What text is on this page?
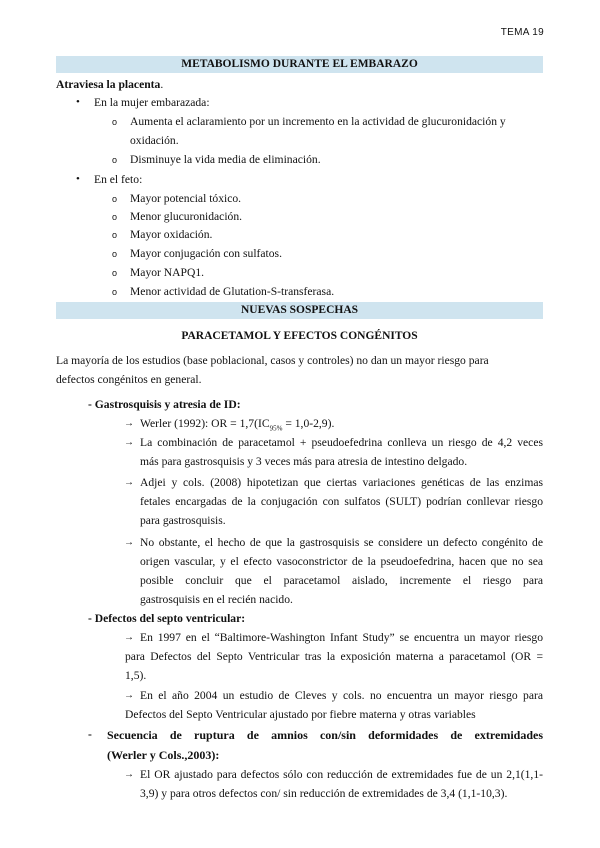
TEMA 19
METABOLISMO DURANTE EL EMBARAZO
Atraviesa la placenta.
• En la mujer embarazada:
o Aumenta el aclaramiento por un incremento en la actividad de glucuronidación y
oxidación.
o Disminuye la vida media de eliminación.
• En el feto:
o Mayor potencial tóxico.
o Menor glucuronidación.
o Mayor oxidación.
o Mayor conjugación con sulfatos.
o Mayor NAPQ1.
o Menor actividad de Glutation-S-transferasa.
NUEVAS SOSPECHAS
PARACETAMOL Y EFECTOS CONGÉNITOS
La mayoría de los estudios (base poblacional, casos y controles) no dan un mayor riesgo para
defectos congénitos en general.
- Gastrosquisis y atresia de ID:
→ Werler (1992): OR = $1,7(IC_{95\%} = 1,0-2,9)$.
→ La combinación de paracetamol + pseudoefedrina conlleva un riesgo de 4,2 veces
más para gastrosquisis y 3 veces más para atresia de intestino delgado.
→ Adjei y cols. (2008) hipotetizan que ciertas variaciones genéticas de las enzimas
fetales encargadas de la conjugación con sulfatos (SULT) podrían conllevar riesgo
para gastrosquisis.
→ No obstante, el hecho de que la gastrosquisis se considere un defecto congénito de
origen vascular, y el efecto vasoconstrictor de la pseudoefedrina, hacen que no sea
posible concluir que el paracetamol aislado, incremente el riesgo para
gastrosquisis en el recién nacido.
- Defectos del septo ventricular:
→ En 1997 en el “Baltimore-Washington Infant Study” se encuentra un mayor riesgo
para Defectos del Septo Ventricular tras la exposición materna a paracetamol (OR =
1,5).
→ En el año 2004 un estudio de Cleves y cols. no encuentra un mayor riesgo para
Defectos del Septo Ventricular ajustado por fiebre materna y otras variables
- Secuencia de ruptura de amnios con/sin deformidades de extremidades
(Werler y Cols.,2003):
→ El OR ajustado para defectos sólo con reducción de extremidades fue de un 2,1(1,1-
3,9) y para otros defectos con/ sin reducción de extremidades de 3,4 (1,1-10,3).
